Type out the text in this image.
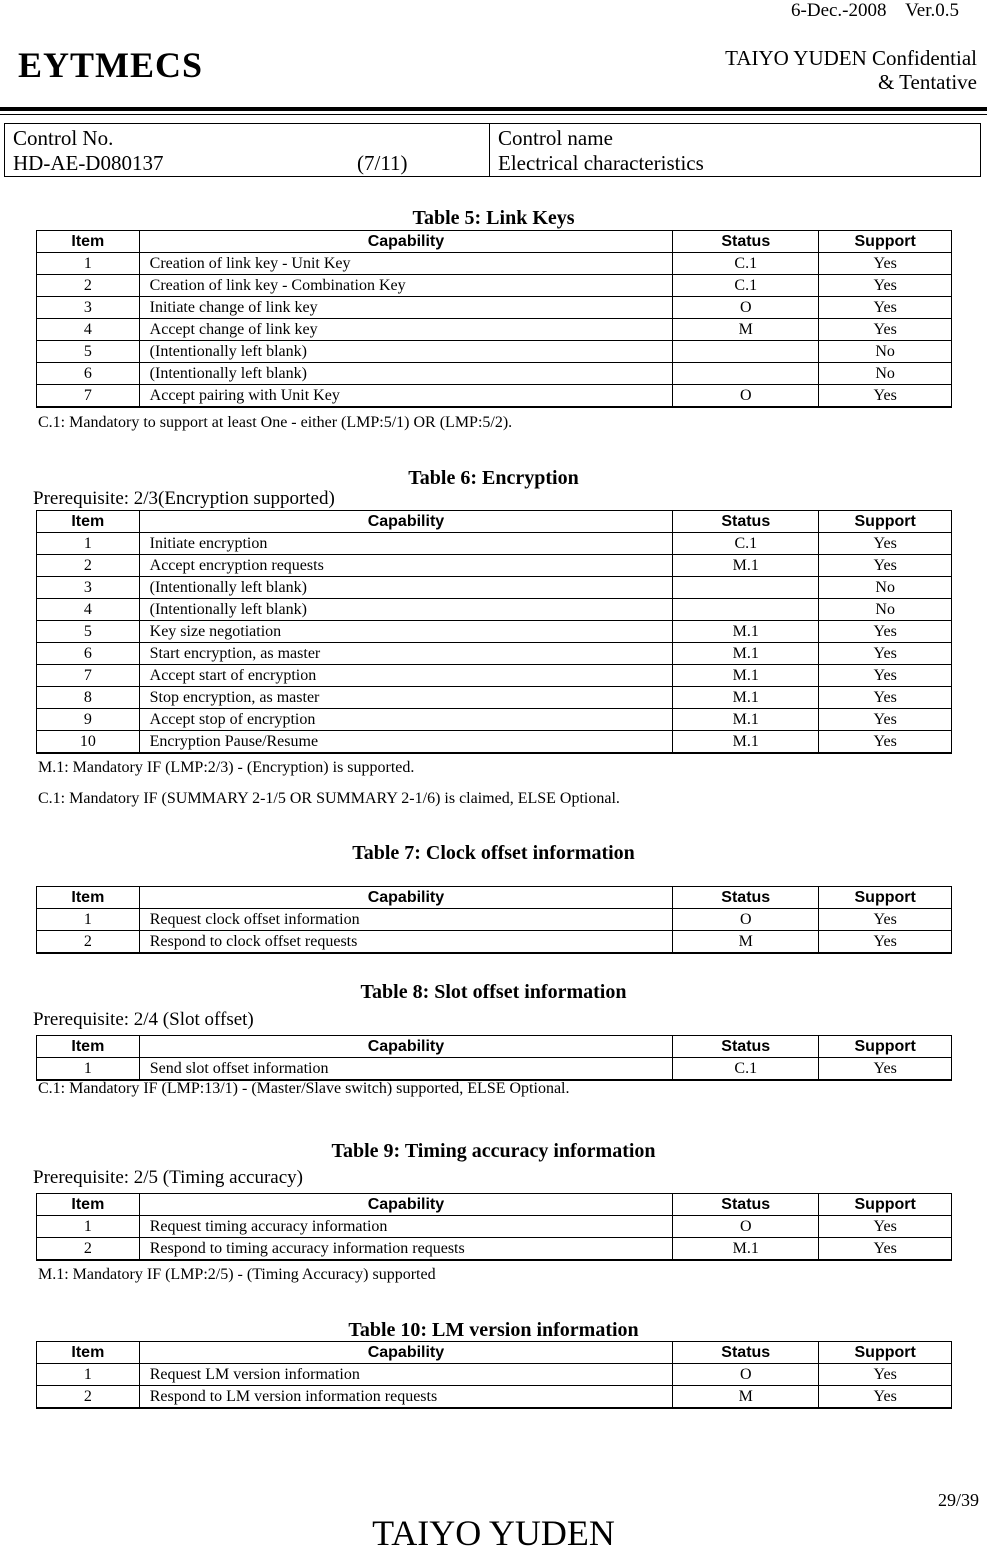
6-Dec.-2008    Ver.0.5
EYTMECS	TAIYO YUDEN Confidential
& Tentative
Control No.
HD-AE-D080137	(7/11)
Control name
Electrical characteristics
Table 5: Link Keys
Item	Capability	Status	Support
1	Creation of link key - Unit Key	C.1	Yes
2	Creation of link key - Combination Key	C.1	Yes
3	Initiate change of link key	O	Yes
4	Accept change of link key	M	Yes
5	(Intentionally left blank)		No
6	(Intentionally left blank)		No
7	Accept pairing with Unit Key	O	Yes
C.1: Mandatory to support at least One - either (LMP:5/1) OR (LMP:5/2).
Table 6: Encryption
Prerequisite: 2/3(Encryption supported)
Item	Capability	Status	Support
1	Initiate encryption	C.1	Yes
2	Accept encryption requests	M.1	Yes
3	(Intentionally left blank)		No
4	(Intentionally left blank)		No
5	Key size negotiation	M.1	Yes
6	Start encryption, as master	M.1	Yes
7	Accept start of encryption	M.1	Yes
8	Stop encryption, as master	M.1	Yes
9	Accept stop of encryption	M.1	Yes
10	Encryption Pause/Resume	M.1	Yes
M.1: Mandatory IF (LMP:2/3) - (Encryption) is supported.
C.1: Mandatory IF (SUMMARY 2-1/5 OR SUMMARY 2-1/6) is claimed, ELSE Optional.
Table 7: Clock offset information
Item	Capability	Status	Support
1	Request clock offset information	O	Yes
2	Respond to clock offset requests	M	Yes
Table 8: Slot offset information
Prerequisite: 2/4 (Slot offset)
Item	Capability	Status	Support
1	Send slot offset information	C.1	Yes
C.1: Mandatory IF (LMP:13/1) - (Master/Slave switch) supported, ELSE Optional.
Table 9: Timing accuracy information
Prerequisite: 2/5 (Timing accuracy)
Item	Capability	Status	Support
1	Request timing accuracy information	O	Yes
2	Respond to timing accuracy information requests	M.1	Yes
M.1: Mandatory IF (LMP:2/5) - (Timing Accuracy) supported
Table 10: LM version information
Item	Capability	Status	Support
1	Request LM version information	O	Yes
2	Respond to LM version information requests	M	Yes
29/39
TAIYO YUDEN
